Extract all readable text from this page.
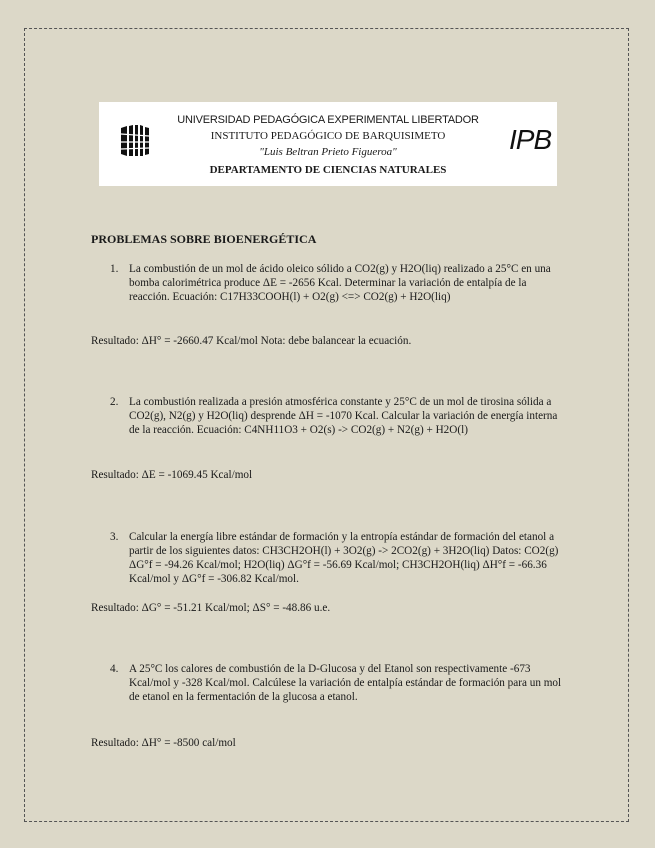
UNIVERSIDAD PEDAGÓGICA EXPERIMENTAL LIBERTADOR
INSTITUTO PEDAGÓGICO DE BARQUISIMETO
"Luis Beltran Prieto Figueroa"
DEPARTAMENTO DE CIENCIAS NATURALES
IPB
PROBLEMAS SOBRE BIOENERGÉTICA
1. La combustión de un mol de ácido oleico sólido a CO2(g) y H2O(liq) realizado a 25°C en una bomba calorimétrica produce ΔE = -2656 Kcal. Determinar la variación de entalpía de la reacción. Ecuación: C17H33COOH(l) + O2(g) <=> CO2(g) + H2O(liq)
Resultado: ΔH° = -2660.47 Kcal/mol Nota: debe balancear la ecuación.
2. La combustión realizada a presión atmosférica constante y 25°C de un mol de tirosina sólida a CO2(g), N2(g) y H2O(liq) desprende ΔH = -1070 Kcal. Calcular la variación de energía interna de la reacción. Ecuación: C4NH11O3 + O2(s) -> CO2(g) + N2(g) + H2O(l)
Resultado: ΔE = -1069.45 Kcal/mol
3. Calcular la energía libre estándar de formación y la entropía estándar de formación del etanol a partir de los siguientes datos: CH3CH2OH(l) + 3O2(g) -> 2CO2(g) + 3H2O(liq) Datos: CO2(g) ΔG°f = -94.26 Kcal/mol; H2O(liq) ΔG°f = -56.69 Kcal/mol; CH3CH2OH(liq) ΔH°f = -66.36 Kcal/mol y ΔG°f = -306.82 Kcal/mol.
Resultado: ΔG° = -51.21 Kcal/mol; ΔS° = -48.86 u.e.
4. A 25°C los calores de combustión de la D-Glucosa y del Etanol son respectivamente -673 Kcal/mol y -328 Kcal/mol. Calcúlese la variación de entalpía estándar de formación para un mol de etanol en la fermentación de la glucosa a etanol.
Resultado: ΔH° = -8500 cal/mol
